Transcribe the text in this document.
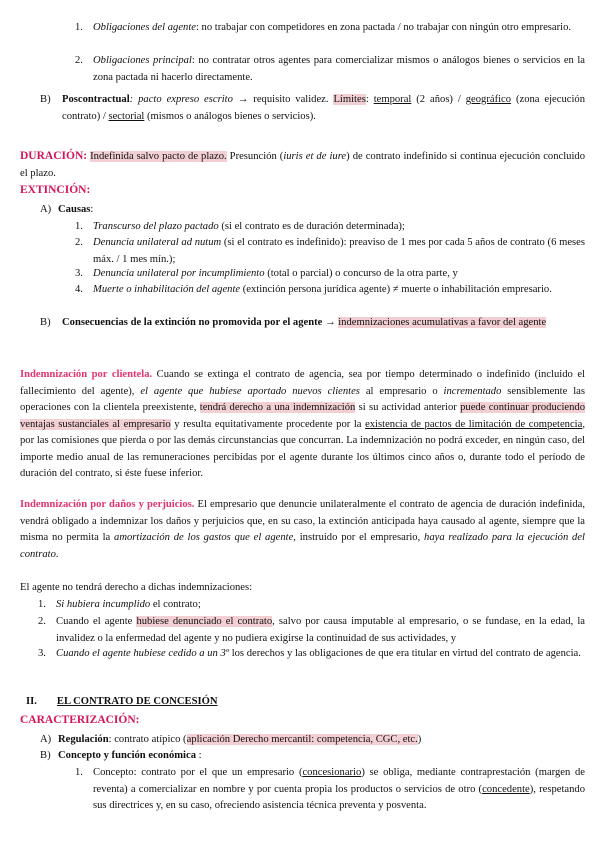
1. Obligaciones del agente: no trabajar con competidores en zona pactada / no trabajar con ningún otro empresario.
2. Obligaciones principal: no contratar otros agentes para comercializar mismos o análogos bienes o servicios en la zona pactada ni hacerlo directamente.
B)	Poscontractual: pacto expreso escrito → requisito validez. Límites: temporal (2 años) / geográfico (zona ejecución contrato) / sectorial (mismos o análogos bienes o servicios).
DURACIÓN: Indefinida salvo pacto de plazo. Presunción (iuris et de iure) de contrato indefinido si continua ejecución concluido el plazo.
EXTINCIÓN:
A) Causas:
1. Transcurso del plazo pactado (si el contrato es de duración determinada);
2. Denuncia unilateral ad nutum (si el contrato es indefinido): preaviso de 1 mes por cada 5 años de contrato (6 meses máx. / 1 mes mín.);
3. Denuncia unilateral por incumplimiento (total o parcial) o concurso de la otra parte, y
4. Muerte o inhabilitación del agente (extinción persona jurídica agente) ≠ muerte o inhabilitación empresario.
B)	Consecuencias de la extinción no promovida por el agente → indemnizaciones acumulativas a favor del agente
Indemnización por clientela. Cuando se extinga el contrato de agencia, sea por tiempo determinado o indefinido (incluido el fallecimiento del agente), el agente que hubiese aportado nuevos clientes al empresario o incrementado sensiblemente las operaciones con la clientela preexistente, tendrá derecho a una indemnización si su actividad anterior puede continuar produciendo ventajas sustanciales al empresario y resulta equitativamente procedente por la existencia de pactos de limitación de competencia, por las comisiones que pierda o por las demás circunstancias que concurran. La indemnización no podrá exceder, en ningún caso, del importe medio anual de las remuneraciones percibidas por el agente durante los últimos cinco años o, durante todo el período de duración del contrato, si éste fuese inferior.
Indemnización por daños y perjuicios. El empresario que denuncie unilateralmente el contrato de agencia de duración indefinida, vendrá obligado a indemnizar los daños y perjuicios que, en su caso, la extinción anticipada haya causado al agente, siempre que la misma no permita la amortización de los gastos que el agente, instruido por el empresario, haya realizado para la ejecución del contrato.
El agente no tendrá derecho a dichas indemnizaciones:
1. Si hubiera incumplido el contrato;
2. Cuando el agente hubiese denunciado el contrato, salvo por causa imputable al empresario, o se fundase, en la edad, la invalidez o la enfermedad del agente y no pudiera exigirse la continuidad de sus actividades, y
3. Cuando el agente hubiese cedido a un 3º los derechos y las obligaciones de que era titular en virtud del contrato de agencia.
II. EL CONTRATO DE CONCESIÓN
CARACTERIZACIÓN:
A) Regulación: contrato atípico (aplicación Derecho mercantil: competencia, CGC, etc.)
B) Concepto y función económica :
1. Concepto: contrato por el que un empresario (concesionario) se obliga, mediante contraprestación (margen de reventa) a comercializar en nombre y por cuenta propia los productos o servicios de otro (concedente), respetando sus directrices y, en su caso, ofreciendo asistencia técnica preventa y posventa.
